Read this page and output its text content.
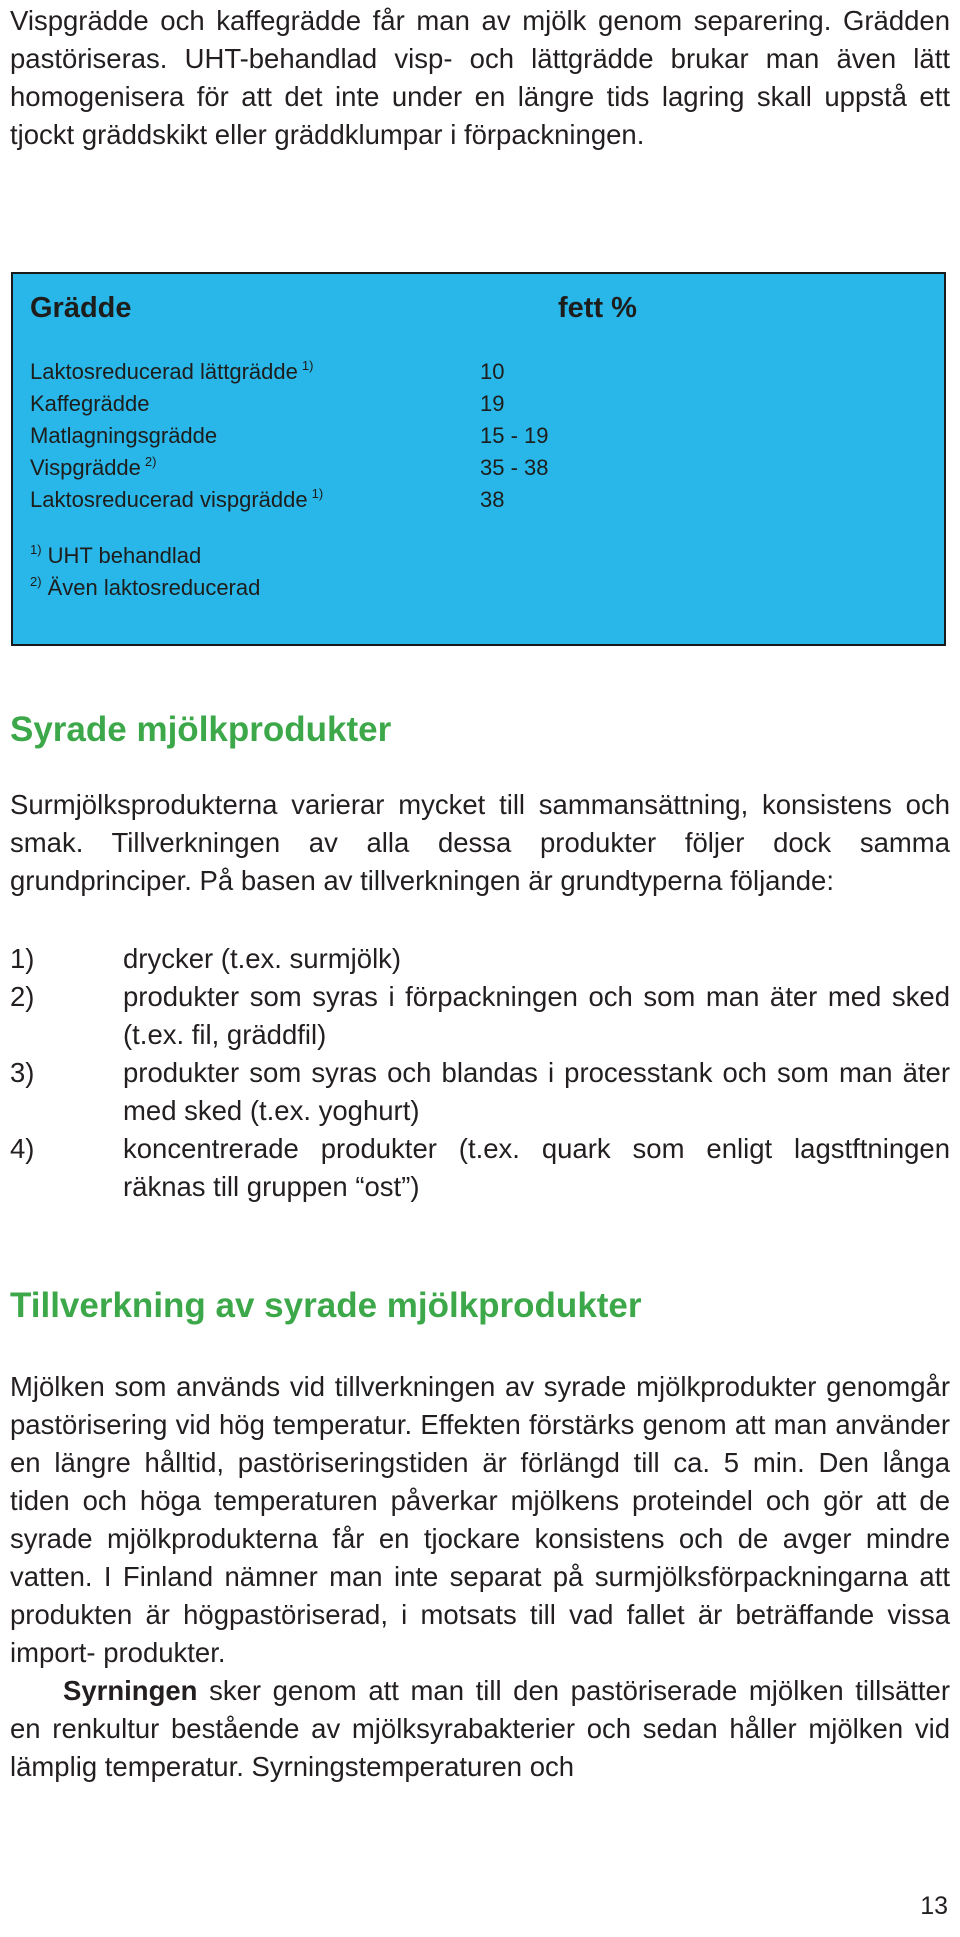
Vispgrädde och kaffegrädde får man av mjölk genom separering. Grädden pastöriseras. UHT-behandlad visp- och lättgrädde brukar man även lätt homogenisera för att det inte under en längre tids lagring skall uppstå ett tjockt gräddskikt eller gräddklumpar i förpackningen.

Grädde	fett %
Laktosreducerad lättgrädde $^{1)}$	10
Kaffegrädde	19
Matlagningsgrädde	15 - 19
Vispgrädde $^{2)}$	35 - 38
Laktosreducerad vispgrädde $^{1)}$	38
$^{1)}$ UHT behandlad
$^{2)}$ Även laktosreducerad
Syrade mjölkprodukter

Surmjölksprodukterna varierar mycket till sammansättning, konsistens och smak. Tillverkningen av alla dessa produkter följer dock samma grundprinciper. På basen av tillverkningen är grundtyperna följande:

1)	drycker (t.ex. surmjölk)
2)	produkter som syras i förpackningen och som man äter med sked (t.ex. fil, gräddfil)
3)	produkter som syras och blandas i processtank och som man äter med sked (t.ex. yoghurt)
4)	koncentrerade produkter (t.ex. quark som enligt lagstftningen räknas till gruppen “ost”)
Tillverkning av syrade mjölkprodukter

Mjölken som används vid tillverkningen av syrade mjölkprodukter genomgår pastörisering vid hög temperatur. Effekten förstärks genom att man använder en längre hålltid, pastöriseringstiden är förlängd till ca. 5 min. Den långa tiden och höga temperaturen påverkar mjölkens proteindel och gör att de syrade mjölkprodukterna får en tjockare konsistens och de avger mindre vatten. I Finland nämner man inte separat på surmjölksförpackningarna att produkten är högpastöriserad, i motsats till vad fallet är beträffande vissa import- produkter.

Syrningen sker genom att man till den pastöriserade mjölken tillsätter en renkultur bestående av mjölksyrabakterier och sedan håller mjölken vid lämplig temperatur. Syrningstemperaturen och

13
